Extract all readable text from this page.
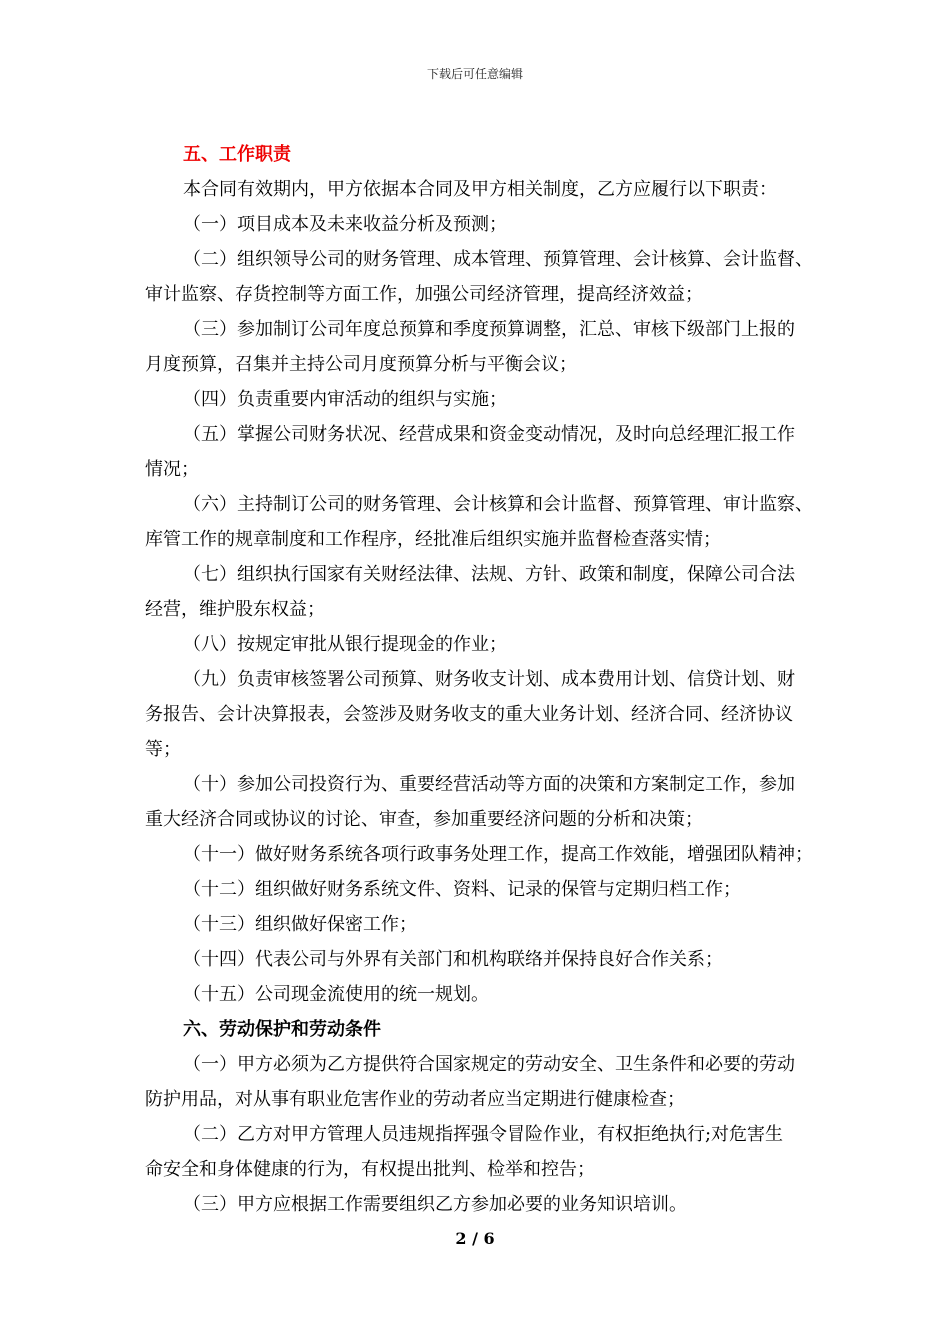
下载后可任意编辑
五、工作职责
本合同有效期内，甲方依据本合同及甲方相关制度，乙方应履行以下职责：
（一）项目成本及未来收益分析及预测；
（二）组织领导公司的财务管理、成本管理、预算管理、会计核算、会计监督、
审计监察、存货控制等方面工作，加强公司经济管理，提高经济效益；
（三）参加制订公司年度总预算和季度预算调整，汇总、审核下级部门上报的
月度预算，召集并主持公司月度预算分析与平衡会议；
（四）负责重要内审活动的组织与实施；
（五）掌握公司财务状况、经营成果和资金变动情况，及时向总经理汇报工作
情况；
（六）主持制订公司的财务管理、会计核算和会计监督、预算管理、审计监察、
库管工作的规章制度和工作程序，经批准后组织实施并监督检查落实情；
（七）组织执行国家有关财经法律、法规、方针、政策和制度，保障公司合法
经营，维护股东权益；
（八）按规定审批从银行提现金的作业；
（九）负责审核签署公司预算、财务收支计划、成本费用计划、信贷计划、财
务报告、会计决算报表，会签涉及财务收支的重大业务计划、经济合同、经济协议
等；
（十）参加公司投资行为、重要经营活动等方面的决策和方案制定工作，参加
重大经济合同或协议的讨论、审查，参加重要经济问题的分析和决策；
（十一）做好财务系统各项行政事务处理工作，提高工作效能，增强团队精神；
（十二）组织做好财务系统文件、资料、记录的保管与定期归档工作；
（十三）组织做好保密工作；
（十四）代表公司与外界有关部门和机构联络并保持良好合作关系；
（十五）公司现金流使用的统一规划。
六、劳动保护和劳动条件
（一）甲方必须为乙方提供符合国家规定的劳动安全、卫生条件和必要的劳动
防护用品，对从事有职业危害作业的劳动者应当定期进行健康检查；
（二）乙方对甲方管理人员违规指挥强令冒险作业，有权拒绝执行;对危害生
命安全和身体健康的行为，有权提出批判、检举和控告；
（三）甲方应根据工作需要组织乙方参加必要的业务知识培训。
2 / 6
